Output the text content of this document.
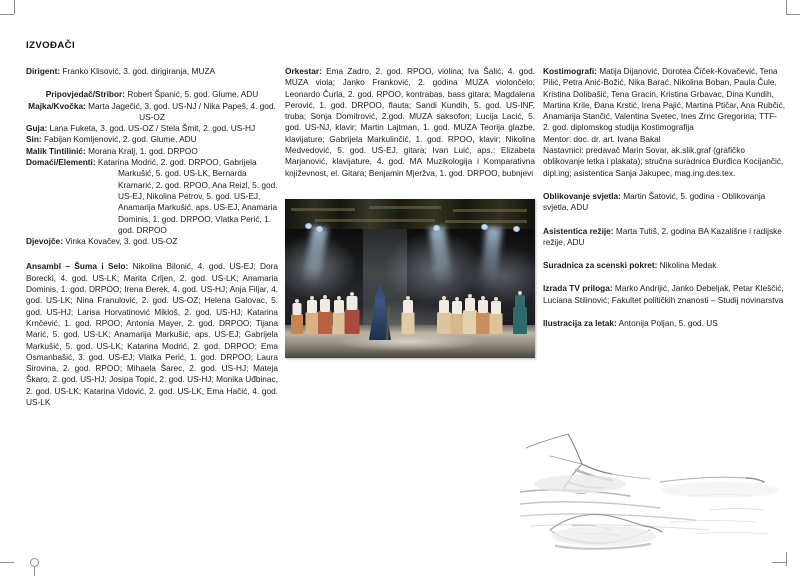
IZVOĐAČI

Dirigent: Franko Klisović, 3. god. dirigiranja, MUZA

Pripovjedač/Stribor: Robert Španić, 5. god. Glume, ADU

Majka/Kvočka: Marta Jagečić, 3. god. US-NJ / Nika Papeš, 4. god. US-OZ

Guja: Lana Fuketa, 3. god. US-OZ / Stela Šmit, 2. god. US-HJ

Sin: Fabijan Komljenović, 2. god. Glume, ADU

Malik Tintilinić: Morana Kralj, 1. god. DRPOO

Domaći/Elementi: Katarina Modrić, 2. god. DRPOO, Gabrijela Markušić, 5. god. US-LK, Bernarda Kramarić, 2. god. RPOO, Ana Reizl, 5. god. US-EJ, Nikolina Petrov, 5. god. US-EJ, Anamarija Markušić, aps. US-EJ, Anamaria Dominis, 1. god. DRPOO, Vlatka Perić, 1. god. DRPOO

Djevojče: Vinka Kovačev, 3. god. US-OZ

Ansambl – Šuma i Selo: Nikolina Bilonić, 4. god. US-EJ; Dora Borecki, 4. god. US-LK; Marita Crljen, 2. god. US-LK; Anamaria Dominis, 1. god. DRPOO; Irena Đerek, 4. god. US-HJ; Anja Filjar, 4. god. US-LK; Nina Franulović, 2. god. US-OZ; Helena Galovac, 5. god. US-HJ; Larisa Horvatinović Mikloš, 2. god. US-HJ; Katarina Krnčević, 1. god. RPOO; Antonia Mayer, 2. god. DRPOO; Tijana Marić, 5. god. US-LK; Anamarija Markušić, aps. US-EJ; Gabrijela Markušić, 5. god. US-LK; Katarina Modrić, 2. god. DRPOO; Ema Osmanbašić, 3. god. US-EJ; Vlatka Perić, 1. god. DRPOO; Laura Sirovina, 2. god. RPOO; Mihaela Šarec, 2. god. US-HJ; Mateja Škaro, 2. god. US-HJ; Josipa Topić, 2. god. US-HJ; Monika Uđbinac, 2. god. US-LK; Katarina Vidović, 2. god. US-LK, Ema Hačić, 4. god. US-LK

Orkestar: Ema Zadro, 2. god. RPOO, violina; Iva Šalić, 4. god. MUZA viola; Janko Franković, 2. godina MUZA violončelo; Leonardo Čurla, 2. god. RPOO, kontrabas, bass gitara; Magdalena Perović, 1. god. DRPOO, flauta; Sandi Kundih, 5. god. US-INF, truba; Sonja Domitrović, 2.god. MUZA saksofon; Lucija Lacić, 5. god. US-NJ, klavir; Martin Lajtman, 1. god. MUZA Teorija glazbe, klavijature; Gabrijela Markulinčić, 1. god. RPOO, klavir; Nikolina Medvedović, 5. god. US-EJ, gitara; Ivan Luić, aps.; Elizabeta Marjanović, klavijature, 4. god. MA Muzikologija i Komparativna književnost, el. Gitara; Benjamin Mjeržva, 1. god. DRPOO, bubnjevi

Kostimografi: Matija Dijanović, Dorotea Čiček-Kovačević, Tena Pilić, Petra Anić-Božić, Nika Barać, Nikolina Boban, Paula Čule, Kristina Dolibašić, Tena Gracin, Kristina Grbavac, Dina Kundih, Martina Krile, Đana Krstić, Irena Pajić, Martina Ptičar, Ana Rubčić, Anamarija Stančić, Valentina Svetec, Ines Zrnc Gregorina; TTF- 2. god. diplomskog studija Kostimografija

Mentor: doc. dr. art. Ivana Bakal

Nastavnici: predavač Marin Sovar, ak.slik.graf (grafičko oblikovanje letka i plakata); stručna suradnica Đurđica Kocijančić, dipl.ing; asistentica Sanja Jakupec, mag.ing.des.tex.

Oblikovanje svjetla: Martin Šatović, 5. godina - Oblikovanja svjetla, ADU

Asistentica režije: Marta Tutiš, 2. godina BA Kazališne i radijske režije, ADU

Suradnica za scenski pokret: Nikolina Medak

Izrada TV priloga: Marko Andrijić, Janko Debeljak, Petar Kleščić, Luciana Stilinović; Fakultet političkih znanosti – Studij novinarstva

Ilustracija za letak: Antonija Poljan, 5. god. US
